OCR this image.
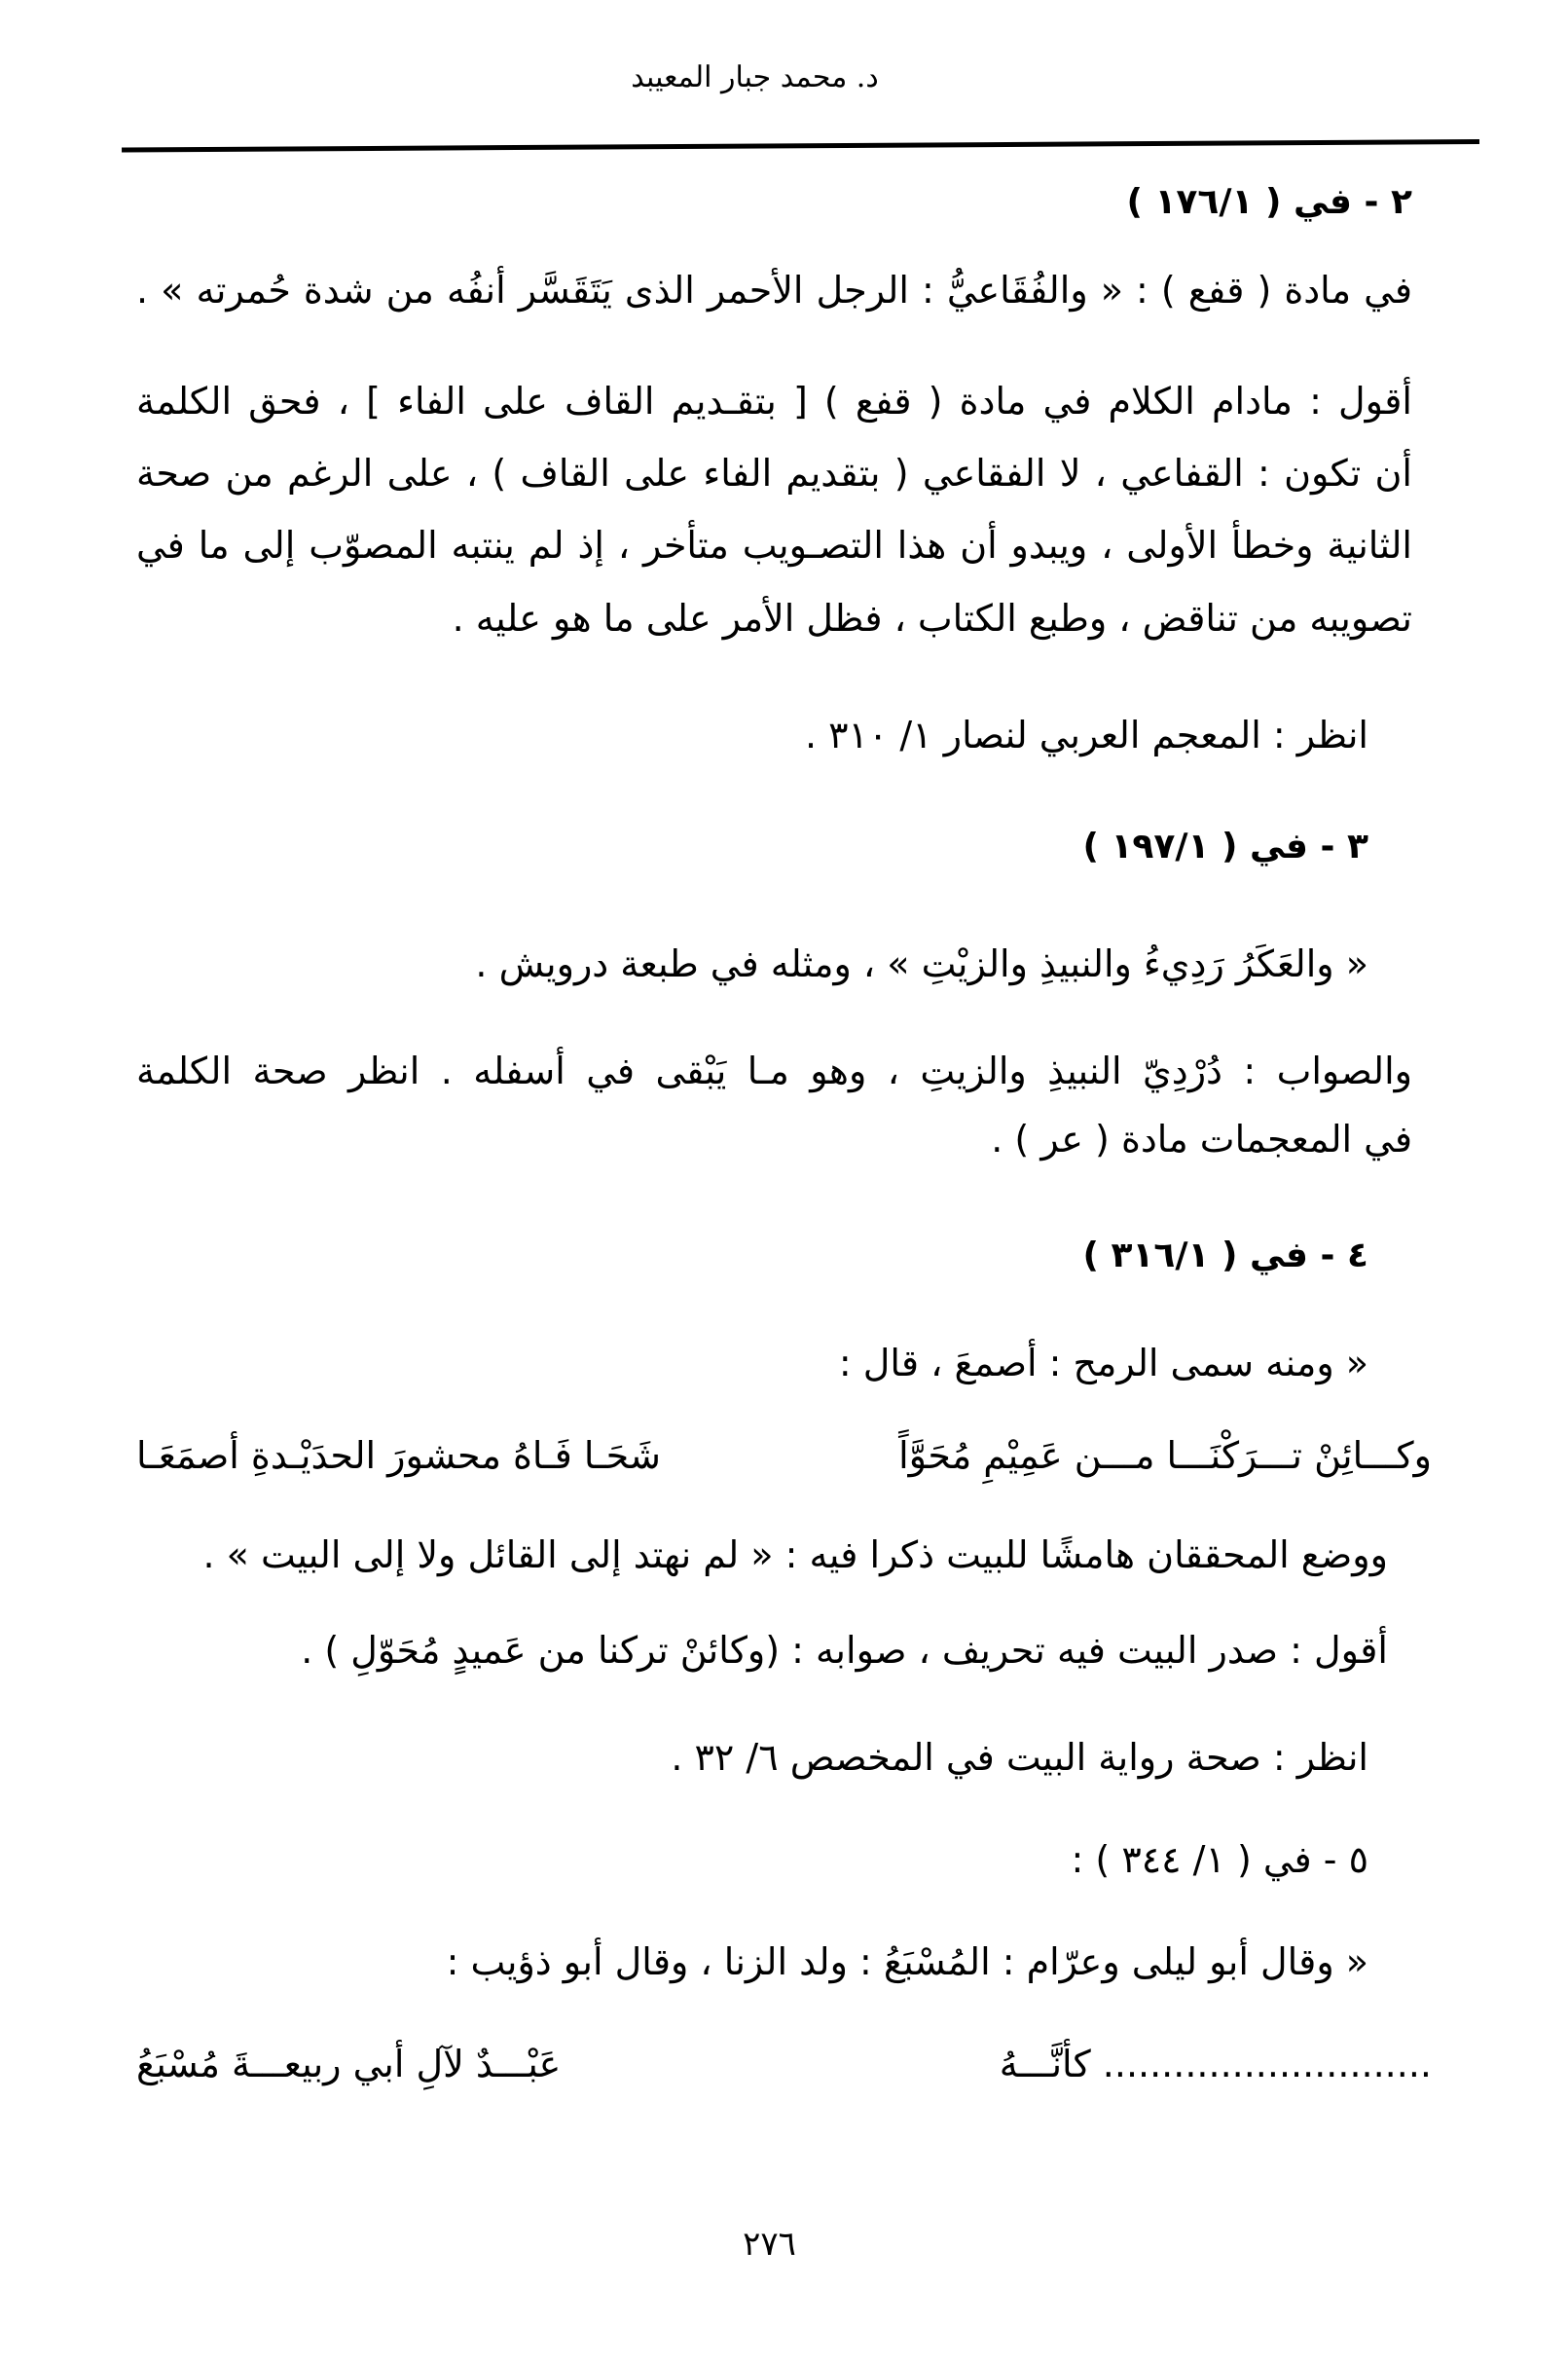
د. محمد جبار المعيبد
٢ - في ( ١٧٦/١ )
في مادة ( قفع ) : « والفُقَاعيُّ : الرجل الأحمر الذى يَتَقَسَّر أنفُه من شدة حُمرته » .
أقول : مادام الكلام في مادة ( قفع ) [ بتقـديم القاف على الفاء ] ، فحق الكلمة
أن تكون : القفاعي ، لا الفقاعي ( بتقديم الفاء على القاف ) ، على الرغم من صحة
الثانية وخطأ الأولى ، ويبدو أن هذا التصـويب متأخر ، إذ لم ينتبه المصوّب إلى ما في
تصويبه من تناقض ، وطبع الكتاب ، فظل الأمر على ما هو عليه .
انظر : المعجم العربي لنصار ١/ ٣١٠ .
٣ - في ( ١٩٧/١ )
« والعَكَرُ رَدِيءُ والنبيذِ والزيْتِ » ، ومثله في طبعة درويش .
والصواب : دُرْدِيّ النبيذِ والزيتِ ، وهو مـا يَبْقى في أسفله . انظر صحة الكلمة
في المعجمات مادة ( عر ) .
٤ - في ( ٣١٦/١ )
« ومنه سمى الرمح : أصمعَ ، قال :
وكـــائِنْ تـــرَكْنَـــا مـــن عَمِيْمِ مُحَوَّاً
شَحَـا فَـاهُ محشورَ الحدَيْـدةِ أصمَعَـا
ووضع المحققان هامشًا للبيت ذكرا فيه : « لم نهتد إلى القائل ولا إلى البيت » .
أقول : صدر البيت فيه تحريف ، صوابه : (وكائنْ تركنا من عَميدٍ مُحَوّلِ ) .
انظر : صحة رواية البيت في المخصص ٦/ ٣٢ .
٥ - في ( ١/ ٣٤٤ ) :
« وقال أبو ليلى وعرّام : المُسْبَعُ : ولد الزنا ، وقال أبو ذؤيب :
............................ كأنَّـــهُ
عَبْـــدٌ لآلِ أبي ربيعـــةَ مُسْبَعُ
٢٧٦
